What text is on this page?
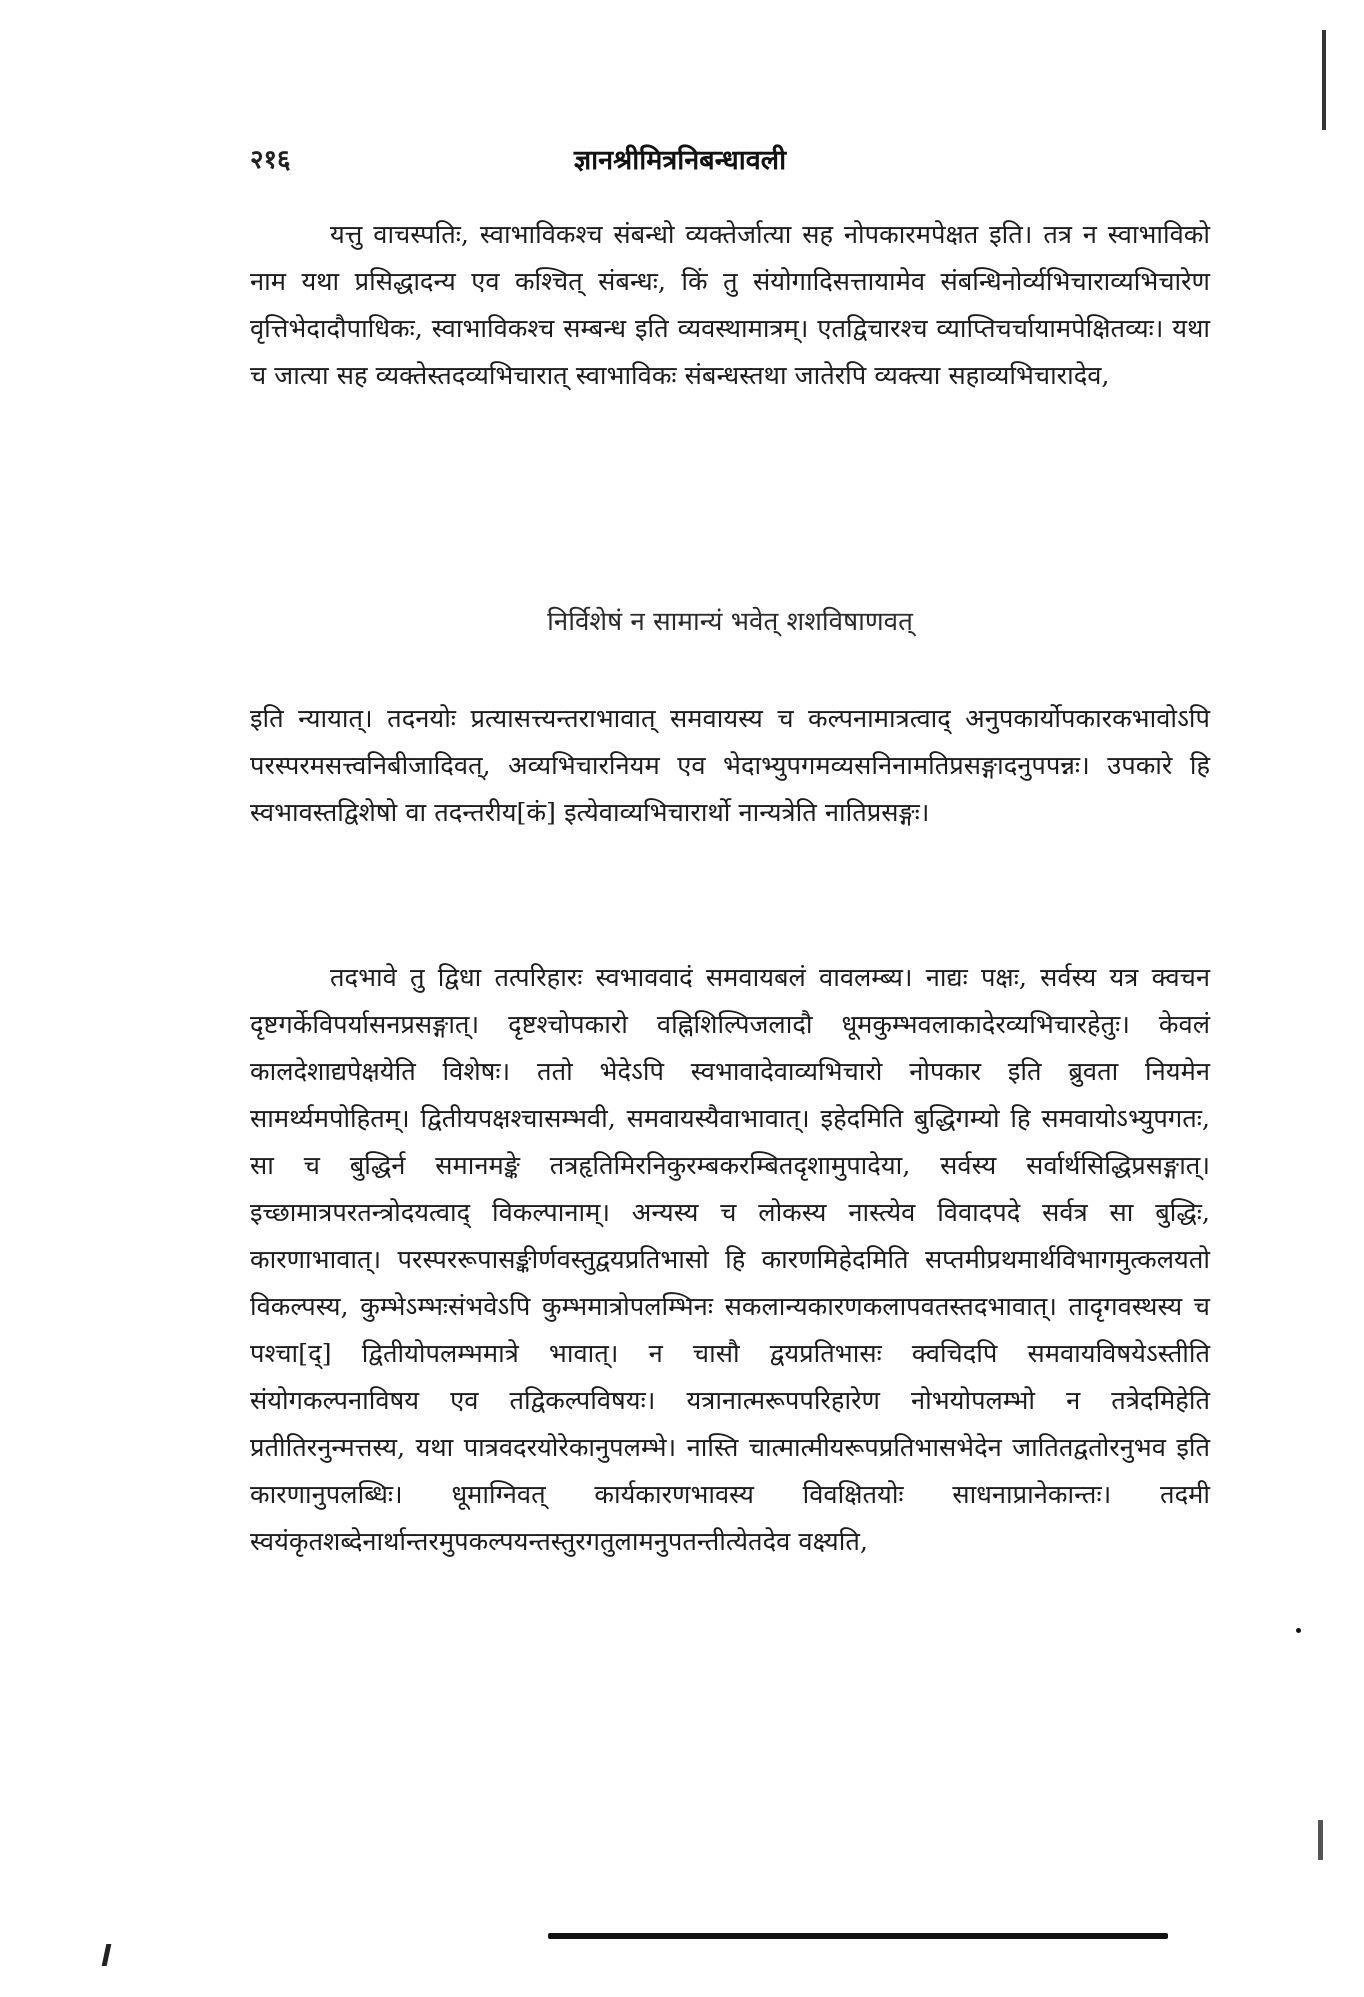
२१६	ज्ञानश्रीमित्रनिबन्धावली

यत्तु वाचस्पतिः, स्वाभाविकश्च संबन्धो व्यक्तेर्जात्या सह नोपकारमपेक्षत इति। तत्र न स्वाभाविको नाम यथा प्रसिद्धादन्य एव कश्चित् संबन्धः, किं तु संयोगादिसत्तायामेव संबन्धिनोर्व्यभिचाराव्यभिचारेण वृत्तिभेदादौपाधिकः, स्वाभाविकश्च सम्बन्ध इति व्यवस्थामात्रम्। एतद्विचारश्च व्याप्तिचर्चायामपेक्षितव्यः। यथा च जात्या सह व्यक्तेस्तदव्यभिचारात् स्वाभाविकः संबन्धस्तथा जातेरपि व्यक्त्या सहाव्यभिचारादेव,

निर्विशेषं न सामान्यं भवेत् शशविषाणवत्

इति न्यायात्। तदनयोः प्रत्यासत्त्यन्तराभावात् समवायस्य च कल्पनामात्रत्वाद् अनुपकार्योपकारकभावोऽपि परस्परमसत्त्वनिबीजादिवत्, अव्यभिचारनियम एव भेदाभ्युपगमव्यसनिनामतिप्रसङ्गादनुपपन्नः। उपकारे हि स्वभावस्तद्विशेषो वा तदन्तरीय[कं] इत्येवाव्यभिचारार्थो नान्यत्रेति नातिप्रसङ्गः।

तदभावे तु द्विधा तत्परिहारः स्वभाववादं समवायबलं वावलम्ब्य। नाद्यः पक्षः, सर्वस्य यत्र क्वचन दृष्टगर्केविपर्यासनप्रसङ्गात्। दृष्टश्चोपकारो वह्निशिल्पिजलादौ धूमकुम्भवलाकादेरव्यभिचारहेतुः। केवलं कालदेशाद्यपेक्षयेति विशेषः। ततो भेदेऽपि स्वभावादेवाव्यभिचारो नोपकार इति ब्रुवता नियमेन सामर्थ्यमपोहितम्। द्वितीयपक्षश्चासम्भवी, समवायस्यैवाभावात्। इहेदमिति बुद्धिगम्यो हि समवायोऽभ्युपगतः, सा च बुद्धिर्न समानमङ्के तत्रहृतिमिरनिकुरम्बकरम्बितदृशामुपादेया, सर्वस्य सर्वार्थसिद्धिप्रसङ्गात्। इच्छामात्रपरतन्त्रोदयत्वाद् विकल्पानाम्। अन्यस्य च लोकस्य नास्त्येव विवादपदे सर्वत्र सा बुद्धिः, कारणाभावात्। परस्पररूपासङ्कीर्णवस्तुद्वयप्रतिभासो हि कारणमिहेदमिति सप्तमीप्रथमार्थविभागमुत्कलयतो विकल्पस्य, कुम्भेऽम्भःसंभवेऽपि कुम्भमात्रोपलम्भिनः सकलान्यकारणकलापवतस्तदभावात्। तादृगवस्थस्य च पश्चा[द्] द्वितीयोपलम्भमात्रे भावात्। न चासौ द्वयप्रतिभासः क्वचिदपि समवायविषयेऽस्तीति संयोगकल्पनाविषय एव तद्विकल्पविषयः। यत्रानात्मरूपपरिहारेण नोभयोपलम्भो न तत्रेदमिहेति प्रतीतिरनुन्मत्तस्य, यथा पात्रवदरयोरेकानुपलम्भे। नास्ति चात्मात्मीयरूपप्रतिभासभेदेन जातितद्वतोरनुभव इति कारणानुपलब्धिः। धूमाग्निवत् कार्यकारणभावस्य विवक्षितयोः साधनाप्रानेकान्तः। तदमी स्वयंकृतशब्देनार्थान्तरमुपकल्पयन्तस्तुरगतुलामनुपतन्तीत्येतदेव वक्ष्यति,
